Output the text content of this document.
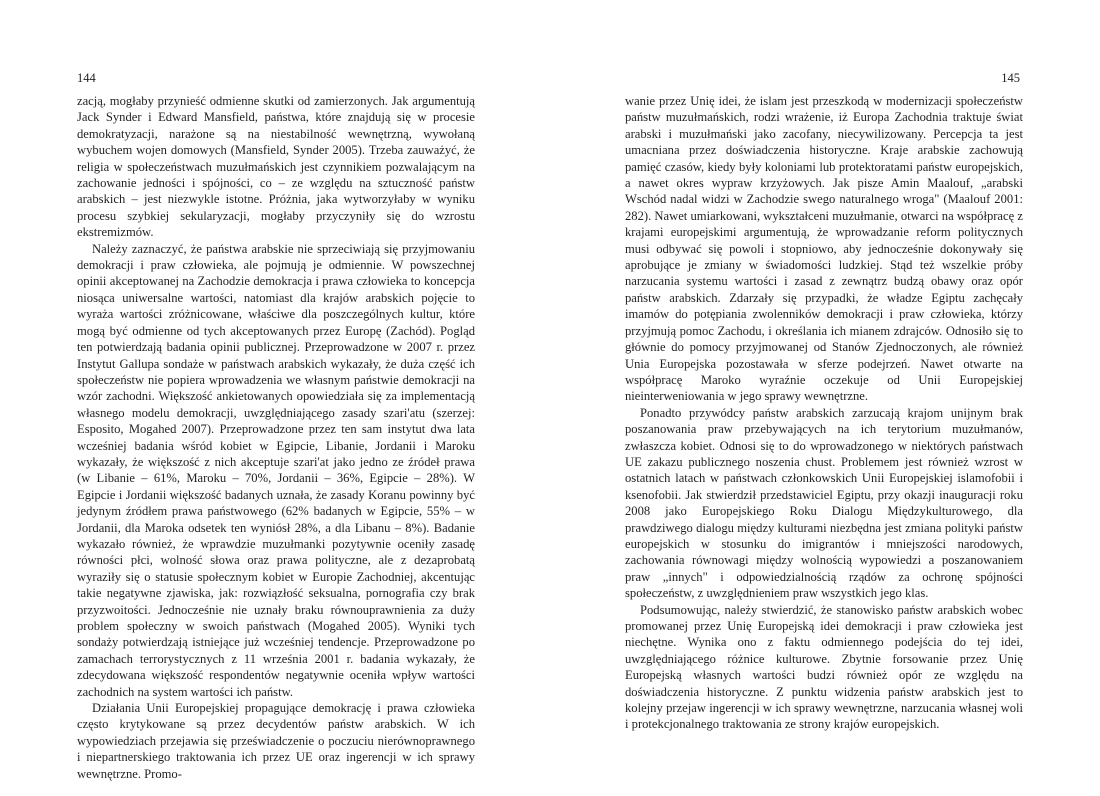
144

zacją, mogłaby przynieść odmienne skutki od zamierzonych. Jak argumentują Jack Synder i Edward Mansfield, państwa, które znajdują się w procesie demokratyzacji, narażone są na niestabilność wewnętrzną, wywołaną wybuchem wojen domowych (Mansfield, Synder 2005). Trzeba zauważyć, że religia w społeczeństwach muzułmańskich jest czynnikiem pozwalającym na zachowanie jedności i spójności, co – ze względu na sztuczność państw arabskich – jest niezwykle istotne. Próżnia, jaka wytworzyłaby w wyniku procesu szybkiej sekularyzacji, mogłaby przyczyniły się do wzrostu ekstremizmów.

Należy zaznaczyć, że państwa arabskie nie sprzeciwiają się przyjmowaniu demokracji i praw człowieka, ale pojmują je odmiennie. W powszechnej opinii akceptowanej na Zachodzie demokracja i prawa człowieka to koncepcja niosąca uniwersalne wartości, natomiast dla krajów arabskich pojęcie to wyraża wartości zróżnicowane, właściwe dla poszczególnych kultur, które mogą być odmienne od tych akceptowanych przez Europę (Zachód). Pogląd ten potwierdzają badania opinii publicznej. Przeprowadzone w 2007 r. przez Instytut Gallupa sondaże w państwach arabskich wykazały, że duża część ich społeczeństw nie popiera wprowadzenia we własnym państwie demokracji na wzór zachodni. Większość ankietowanych opowiedziała się za implementacją własnego modelu demokracji, uwzględniającego zasady szari'atu (szerzej: Esposito, Mogahed 2007). Przeprowadzone przez ten sam instytut dwa lata wcześniej badania wśród kobiet w Egipcie, Libanie, Jordanii i Maroku wykazały, że większość z nich akceptuje szari'at jako jedno ze źródeł prawa (w Libanie – 61%, Maroku – 70%, Jordanii – 36%, Egipcie – 28%). W Egipcie i Jordanii większość badanych uznała, że zasady Koranu powinny być jedynym źródłem prawa państwowego (62% badanych w Egipcie, 55% – w Jordanii, dla Maroka odsetek ten wyniósł 28%, a dla Libanu – 8%). Badanie wykazało również, że wprawdzie muzułmanki pozytywnie oceniły zasadę równości płci, wolność słowa oraz prawa polityczne, ale z dezaprobatą wyraziły się o statusie społecznym kobiet w Europie Zachodniej, akcentując takie negatywne zjawiska, jak: rozwiązłość seksualna, pornografia czy brak przyzwoitości. Jednocześnie nie uznały braku równouprawnienia za duży problem społeczny w swoich państwach (Mogahed 2005). Wyniki tych sondaży potwierdzają istniejące już wcześniej tendencje. Przeprowadzone po zamachach terrorystycznych z 11 września 2001 r. badania wykazały, że zdecydowana większość respondentów negatywnie oceniła wpływ wartości zachodnich na system wartości ich państw.

Działania Unii Europejskiej propagujące demokrację i prawa człowieka często krytykowane są przez decydentów państw arabskich. W ich wypowiedziach przejawia się przeświadczenie o poczuciu nierównoprawnego i niepartnerskiego traktowania ich przez UE oraz ingerencji w ich sprawy wewnętrzne. Promo-

145

wanie przez Unię idei, że islam jest przeszkodą w modernizacji społeczeństw państw muzułmańskich, rodzi wrażenie, iż Europa Zachodnia traktuje świat arabski i muzułmański jako zacofany, niecywilizowany. Percepcja ta jest umacniana przez doświadczenia historyczne. Kraje arabskie zachowują pamięć czasów, kiedy były koloniami lub protektoratami państw europejskich, a nawet okres wypraw krzyżowych. Jak pisze Amin Maalouf, „arabski Wschód nadal widzi w Zachodzie swego naturalnego wroga" (Maalouf 2001: 282). Nawet umiarkowani, wykształceni muzułmanie, otwarci na współpracę z krajami europejskimi argumentują, że wprowadzanie reform politycznych musi odbywać się powoli i stopniowo, aby jednocześnie dokonywały się aprobujące je zmiany w świadomości ludzkiej. Stąd też wszelkie próby narzucania systemu wartości i zasad z zewnątrz budzą obawy oraz opór państw arabskich. Zdarzały się przypadki, że władze Egiptu zachęcały imamów do potępiania zwolenników demokracji i praw człowieka, którzy przyjmują pomoc Zachodu, i określania ich mianem zdrajców. Odnosiło się to głównie do pomocy przyjmowanej od Stanów Zjednoczonych, ale również Unia Europejska pozostawała w sferze podejrzeń. Nawet otwarte na współpracę Maroko wyraźnie oczekuje od Unii Europejskiej nieinterweniowania w jego sprawy wewnętrzne.

Ponadto przywódcy państw arabskich zarzucają krajom unijnym brak poszanowania praw przebywających na ich terytorium muzułmanów, zwłaszcza kobiet. Odnosi się to do wprowadzonego w niektórych państwach UE zakazu publicznego noszenia chust. Problemem jest również wzrost w ostatnich latach w państwach członkowskich Unii Europejskiej islamofobii i ksenofobii. Jak stwierdził przedstawiciel Egiptu, przy okazji inauguracji roku 2008 jako Europejskiego Roku Dialogu Międzykulturowego, dla prawdziwego dialogu między kulturami niezbędna jest zmiana polityki państw europejskich w stosunku do imigrantów i mniejszości narodowych, zachowania równowagi między wolnością wypowiedzi a poszanowaniem praw „innych" i odpowiedzialnością rządów za ochronę spójności społeczeństw, z uwzględnieniem praw wszystkich jego klas.

Podsumowując, należy stwierdzić, że stanowisko państw arabskich wobec promowanej przez Unię Europejską idei demokracji i praw człowieka jest niechętne. Wynika ono z faktu odmiennego podejścia do tej idei, uwzględniającego różnice kulturowe. Zbytnie forsowanie przez Unię Europejską własnych wartości budzi również opór ze względu na doświadczenia historyczne. Z punktu widzenia państw arabskich jest to kolejny przejaw ingerencji w ich sprawy wewnętrzne, narzucania własnej woli i protekcjonalnego traktowania ze strony krajów europejskich.
